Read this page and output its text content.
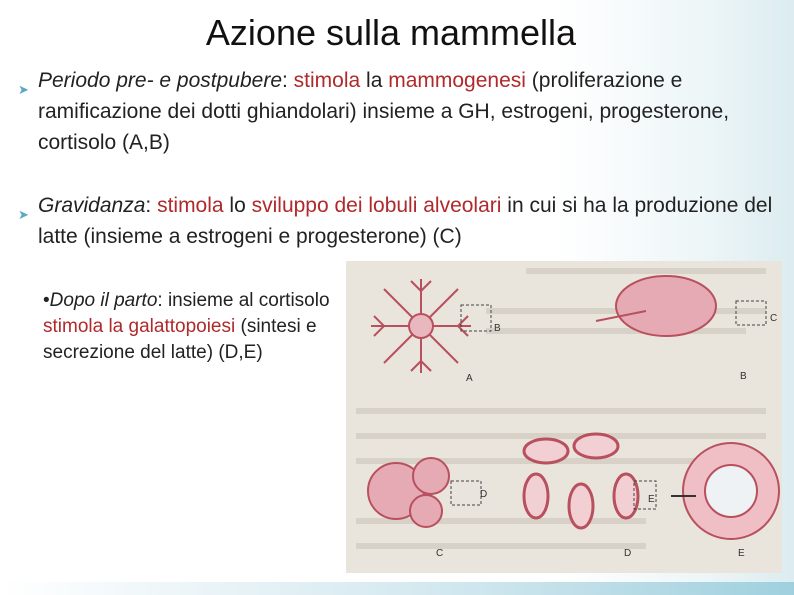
Azione sulla mammella
➤ Periodo pre- e postpubere: stimola la mammogenesi (proliferazione e ramificazione dei dotti ghiandolari) insieme a GH, estrogeni, progesterone, cortisolo (A,B)
➤ Gravidanza: stimola lo sviluppo dei lobuli alveolari in cui si ha la produzione del latte (insieme a estrogeni e progesterone) (C)
•Dopo il parto: insieme al cortisolo stimola la galattopoiesi (sintesi e secrezione del latte) (D,E)
A
B
B
C
C
D
D
E
E
